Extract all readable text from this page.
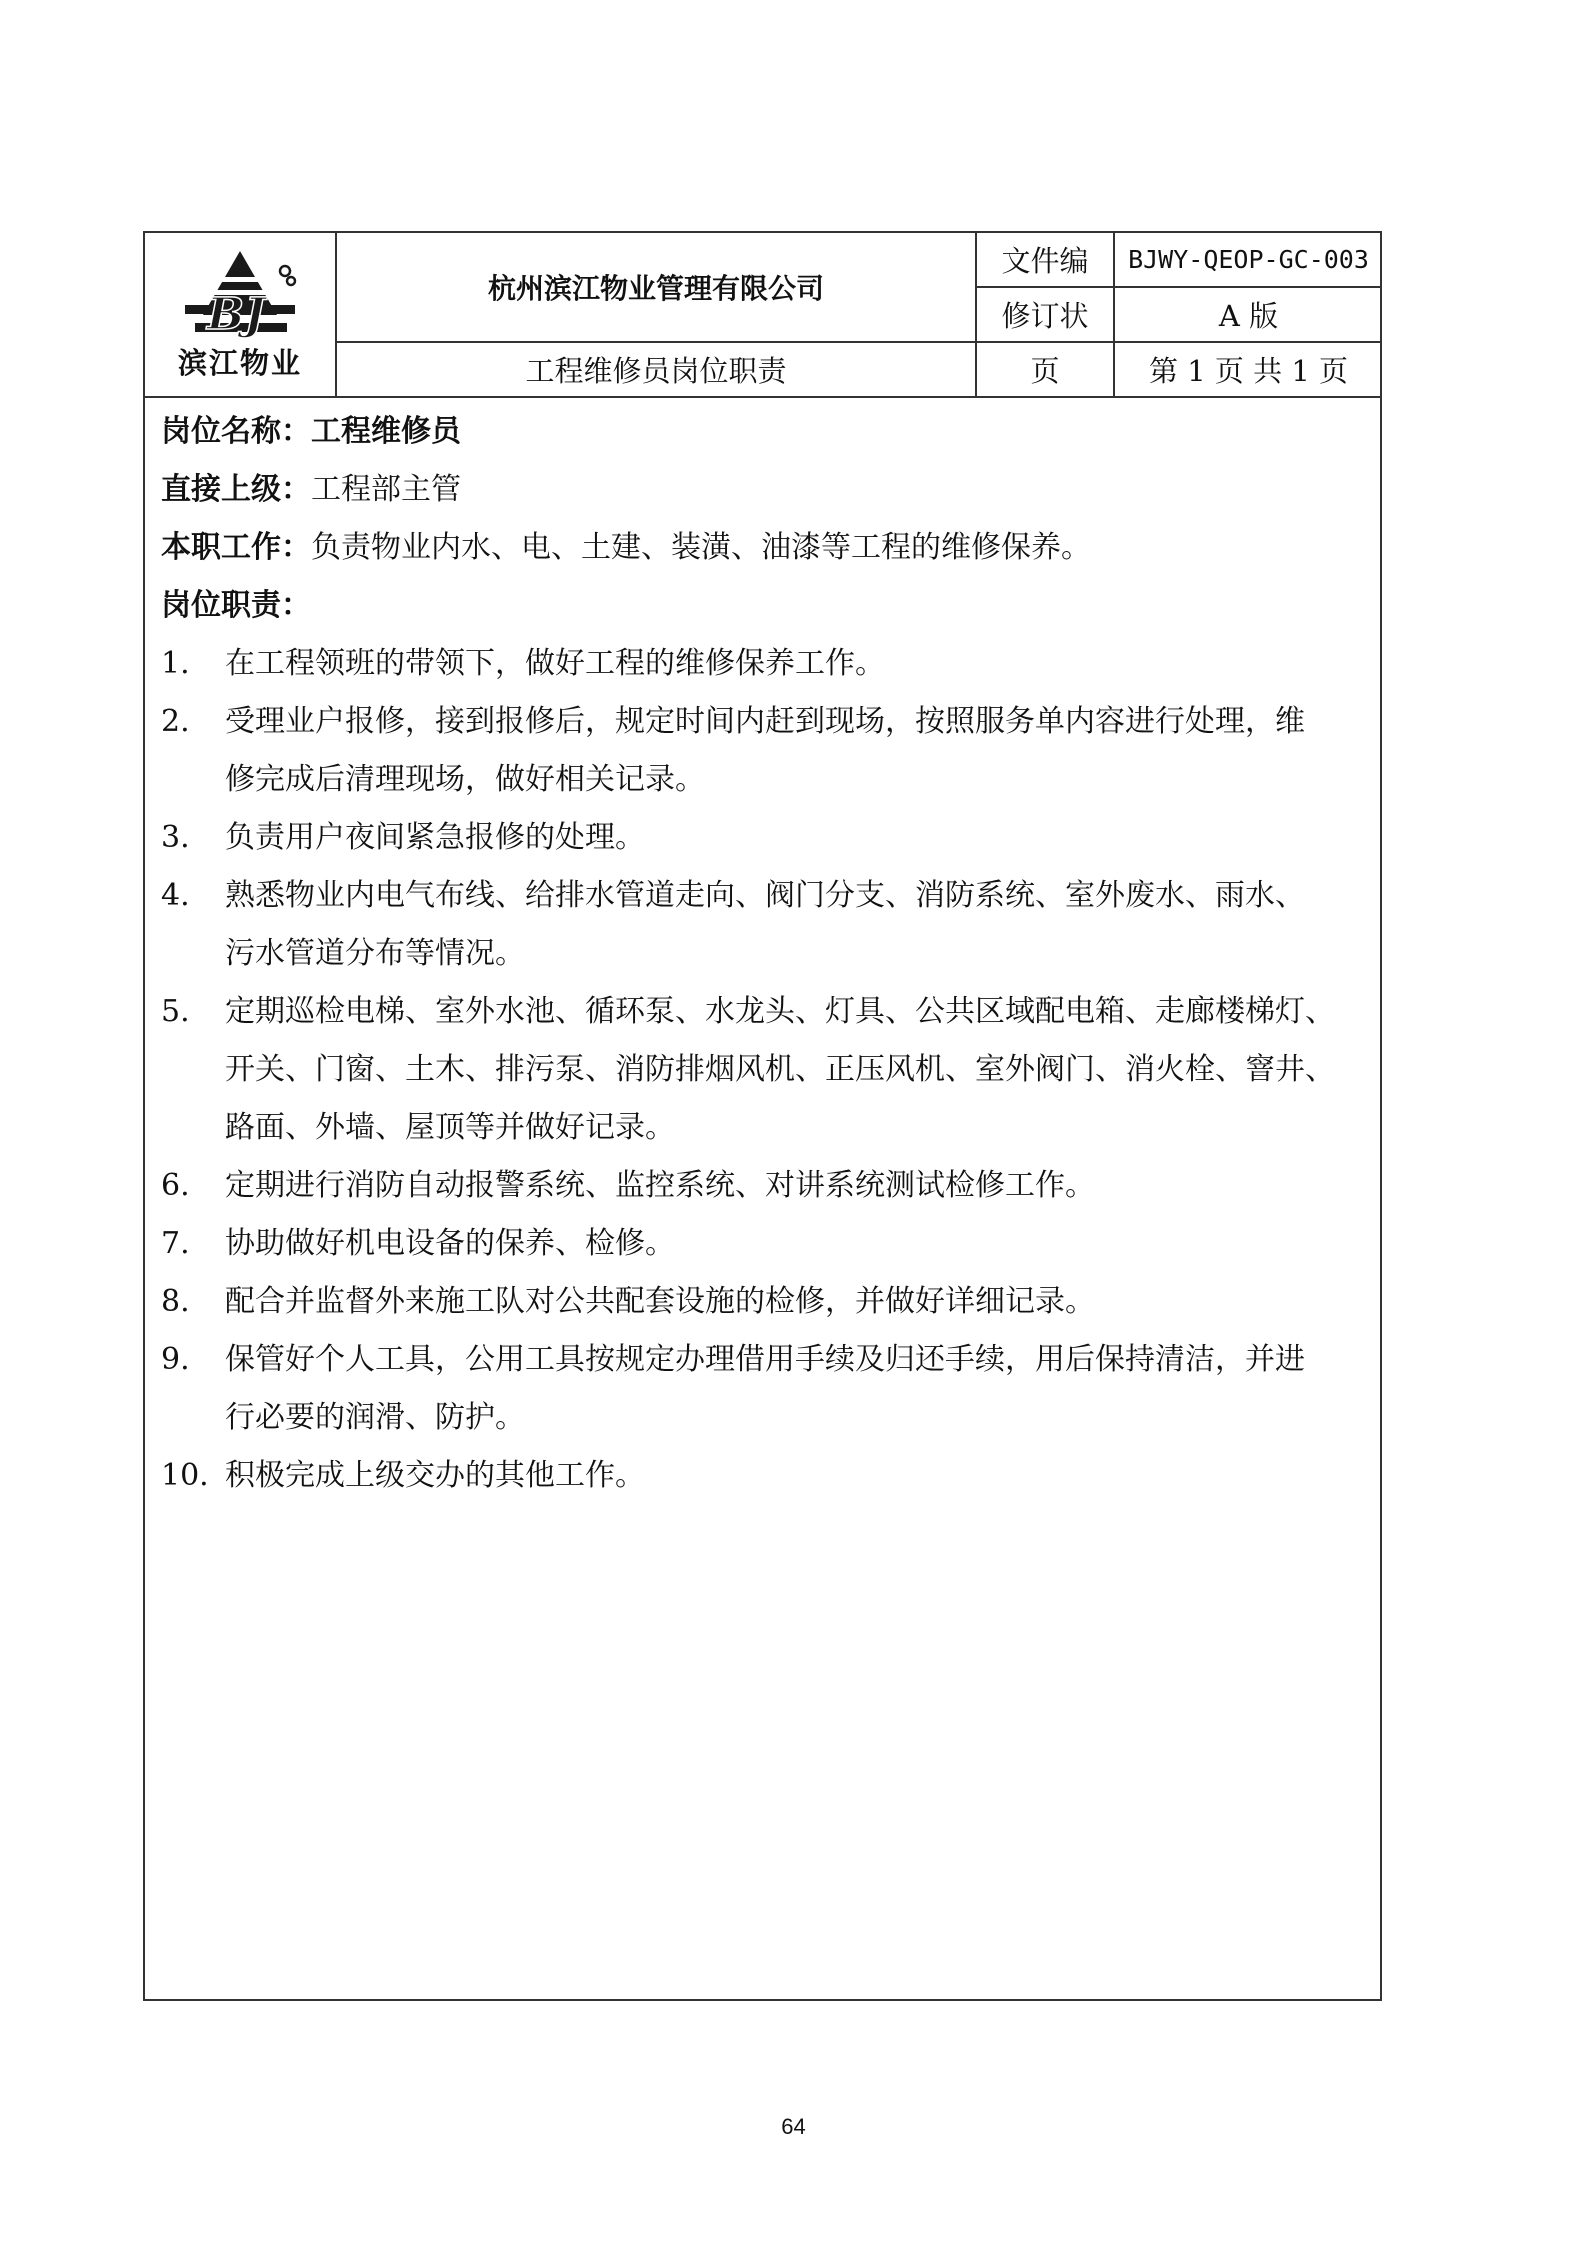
BJ
滨江物业
杭州滨江物业管理有限公司
工程维修员岗位职责
文件编
修订状
页
BJWY-QEOP-GC-003
A 版
第 1 页 共 1 页
岗位名称：工程维修员
直接上级：工程部主管
本职工作：负责物业内水、电、土建、装潢、油漆等工程的维修保养。
岗位职责：
1. 在工程领班的带领下，做好工程的维修保养工作。
2. 受理业户报修，接到报修后，规定时间内赶到现场，按照服务单内容进行处理，维
修完成后清理现场，做好相关记录。
3. 负责用户夜间紧急报修的处理。
4. 熟悉物业内电气布线、给排水管道走向、阀门分支、消防系统、室外废水、雨水、
污水管道分布等情况。
5. 定期巡检电梯、室外水池、循环泵、水龙头、灯具、公共区域配电箱、走廊楼梯灯、
开关、门窗、土木、排污泵、消防排烟风机、正压风机、室外阀门、消火栓、窨井、
路面、外墙、屋顶等并做好记录。
6. 定期进行消防自动报警系统、监控系统、对讲系统测试检修工作。
7. 协助做好机电设备的保养、检修。
8. 配合并监督外来施工队对公共配套设施的检修，并做好详细记录。
9. 保管好个人工具，公用工具按规定办理借用手续及归还手续，用后保持清洁，并进
行必要的润滑、防护。
10. 积极完成上级交办的其他工作。
64
